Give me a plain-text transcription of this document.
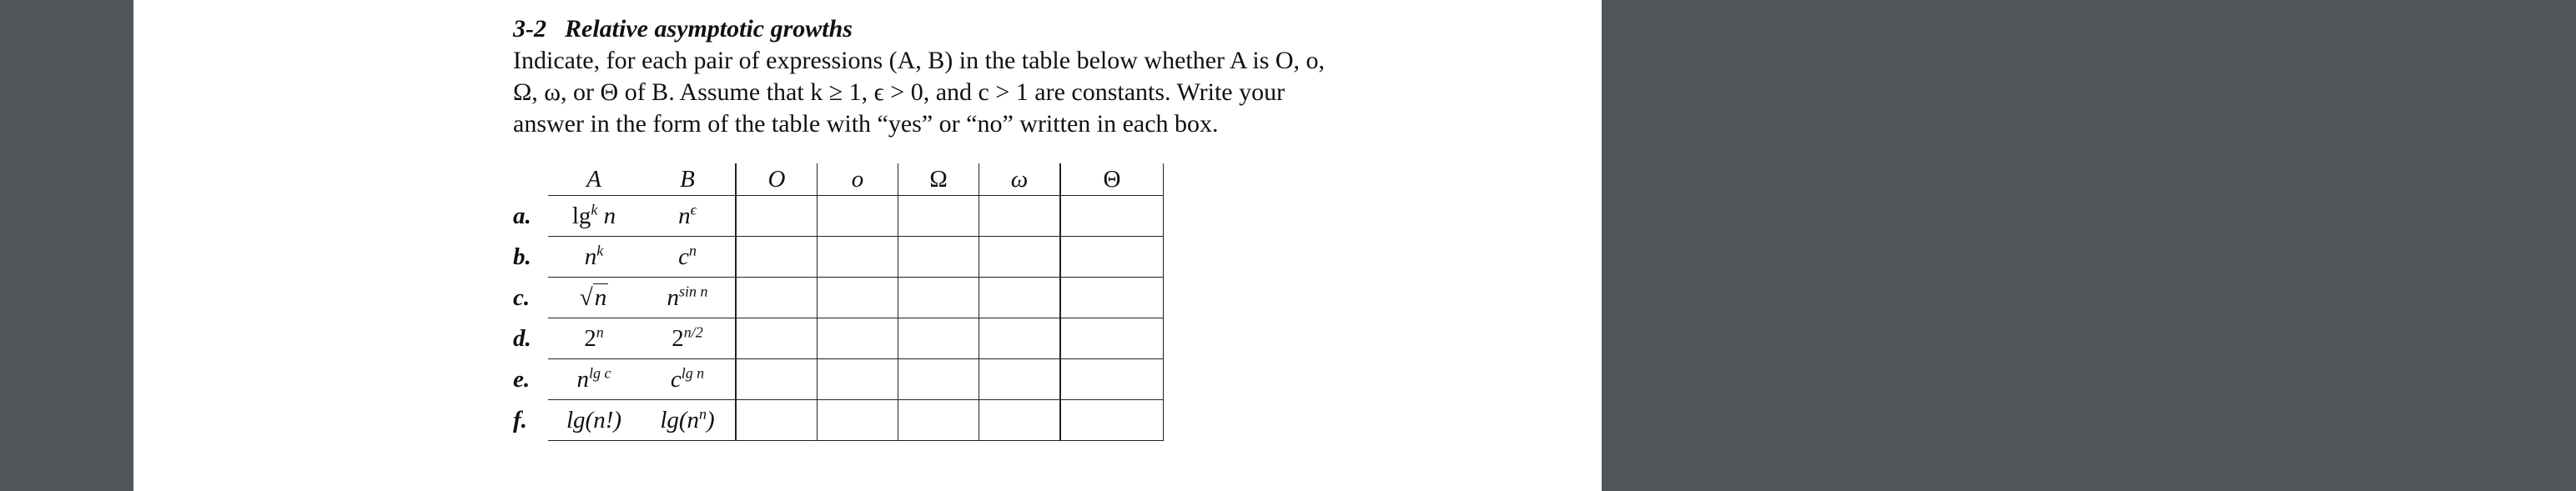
3-2 Relative asymptotic growths

Indicate, for each pair of expressions (A, B) in the table below whether A is O, o,

Ω, ω, or Θ of B. Assume that k ≥ 1, ϵ > 0, and c > 1 are constants. Write your

answer in the form of the table with “yes” or “no” written in each box.

	A	B	O	o	Ω	ω	Θ
a.	$\lg^k n$	$n^\epsilon$					
b.	$n^k$	$c^n$					
c.	√n	$n^{sin n}$					
d.	2$^n$	$2^{n/2}$					
e.	$n^{lg c}$	$c^{lg n}$					
f.	lg(n!)	$\lg(n^n)$					
